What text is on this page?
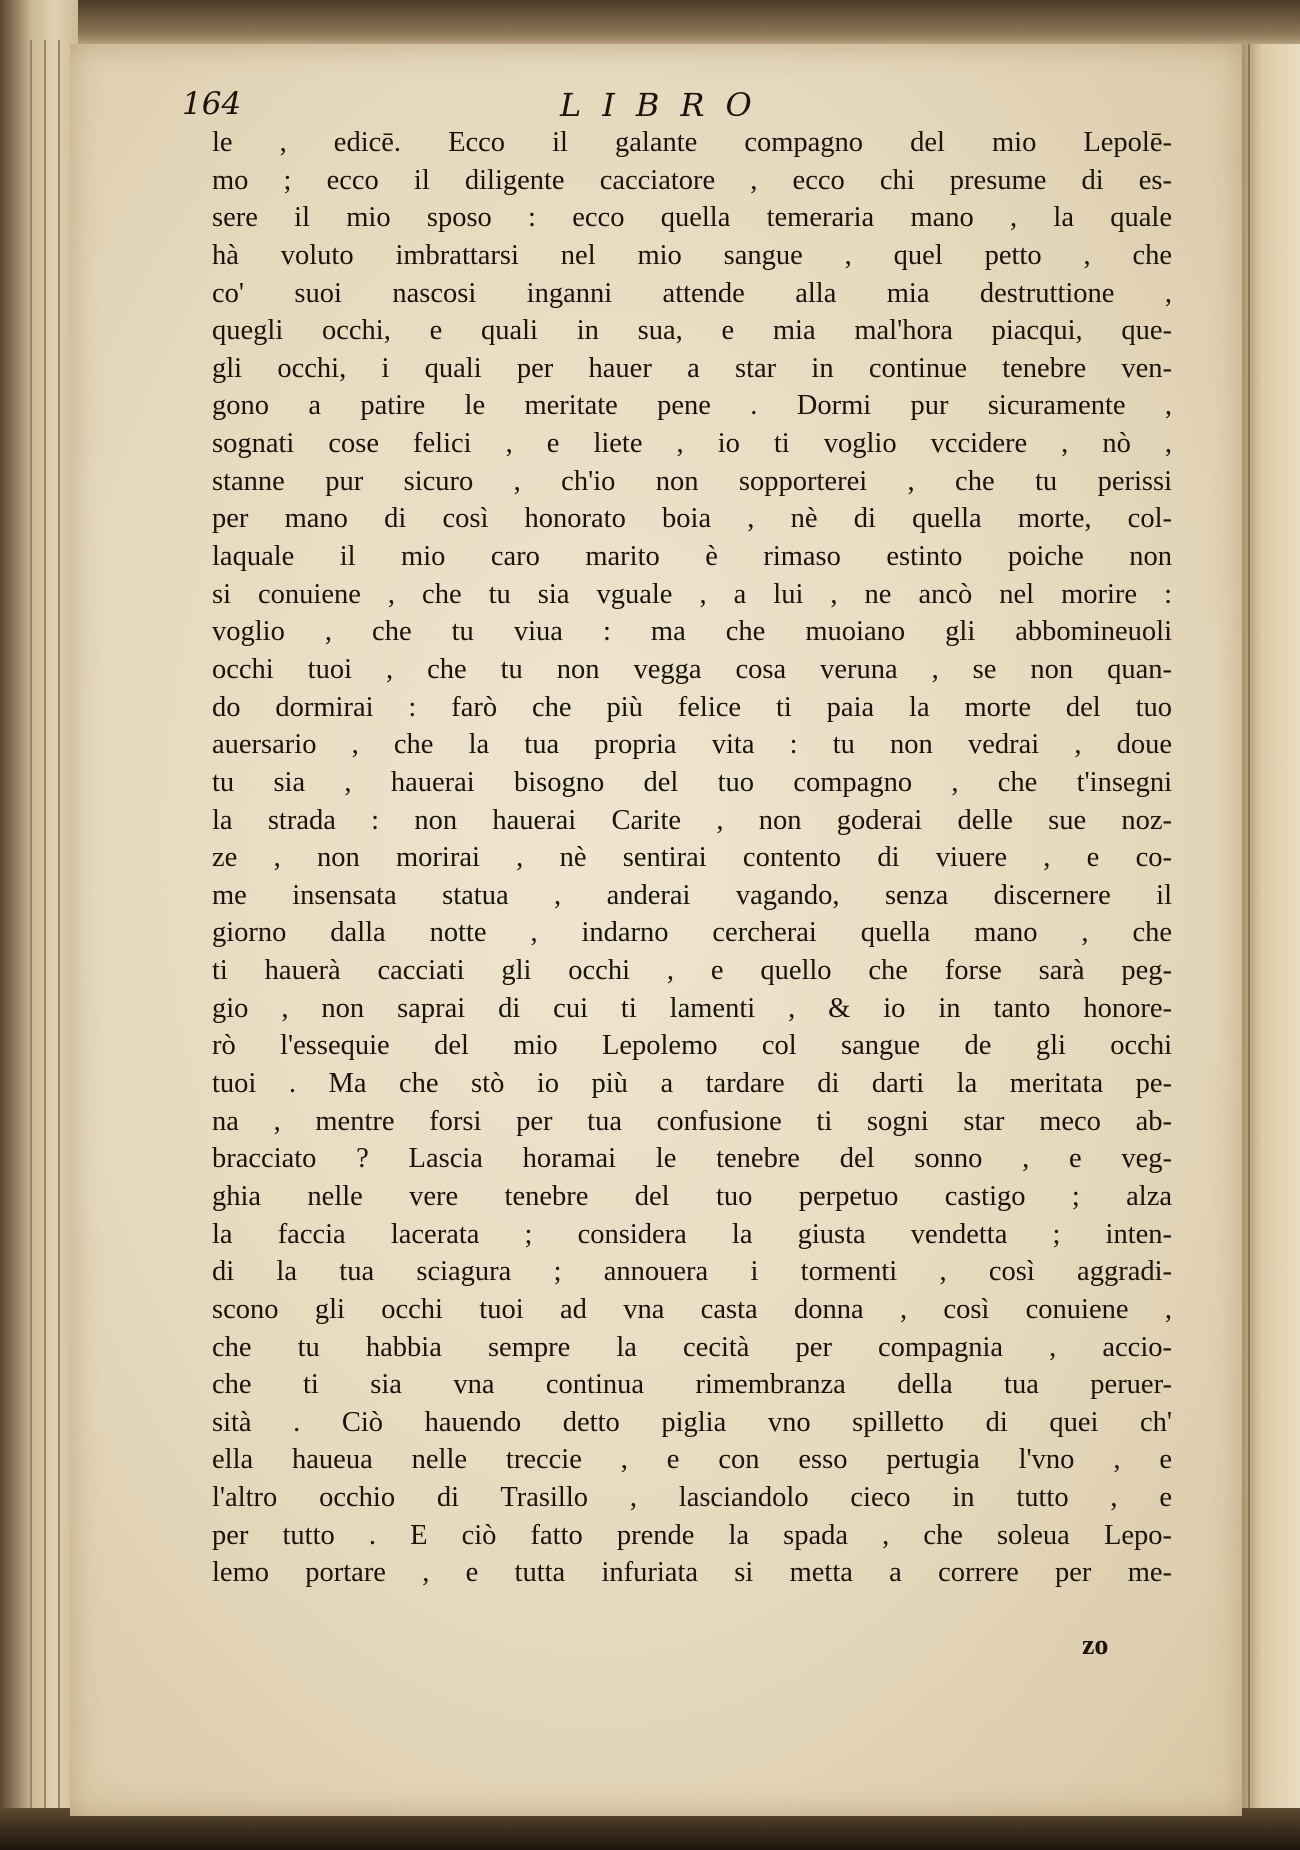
164	LIBRO
le , edicē. Ecco il galante compagno del mio Lepolē-
mo ; ecco il diligente cacciatore , ecco chi presume di es-
sere il mio sposo : ecco quella temeraria mano , la quale
hà voluto imbrattarsi nel mio sangue , quel petto , che
co' suoi nascosi inganni attende alla mia destruttione ,
quegli occhi, e quali in sua, e mia mal'hora piacqui, que-
gli occhi, i quali per hauer a star in continue tenebre ven-
gono a patire le meritate pene . Dormi pur sicuramente ,
sognati cose felici , e liete , io ti voglio vccidere , nò ,
stanne pur sicuro , ch'io non sopporterei , che tu perissi
per mano di così honorato boia , nè di quella morte, col-
laquale il mio caro marito è rimaso estinto poiche non
si conuiene , che tu sia vguale , a lui , ne ancò nel morire :
voglio , che tu viua : ma che muoiano gli abbomineuoli
occhi tuoi , che tu non vegga cosa veruna , se non quan-
do dormirai : farò che più felice ti paia la morte del tuo
auersario , che la tua propria vita : tu non vedrai , doue
tu sia , hauerai bisogno del tuo compagno , che t'insegni
la strada : non hauerai Carite , non goderai delle sue noz-
ze , non morirai , nè sentirai contento di viuere , e co-
me insensata statua , anderai vagando, senza discernere il
giorno dalla notte , indarno cercherai quella mano , che
ti hauerà cacciati gli occhi , e quello che forse sarà peg-
gio , non saprai di cui ti lamenti , & io in tanto honore-
rò l'essequie del mio Lepolemo col sangue de gli occhi
tuoi . Ma che stò io più a tardare di darti la meritata pe-
na , mentre forsi per tua confusione ti sogni star meco ab-
bracciato ? Lascia horamai le tenebre del sonno , e veg-
ghia nelle vere tenebre del tuo perpetuo castigo ; alza
la faccia lacerata ; considera la giusta vendetta ; inten-
di la tua sciagura ; annouera i tormenti , così aggradi-
scono gli occhi tuoi ad vna casta donna , così conuiene ,
che tu habbia sempre la cecità per compagnia , accio-
che ti sia vna continua rimembranza della tua peruer-
sità . Ciò hauendo detto piglia vno spilletto di quei ch'
ella haueua nelle treccie , e con esso pertugia l'vno , e
l'altro occhio di Trasillo , lasciandolo cieco in tutto , e
per tutto . E ciò fatto prende la spada , che soleua Lepo-
lemo portare , e tutta infuriata si metta a correre per me-
zo
